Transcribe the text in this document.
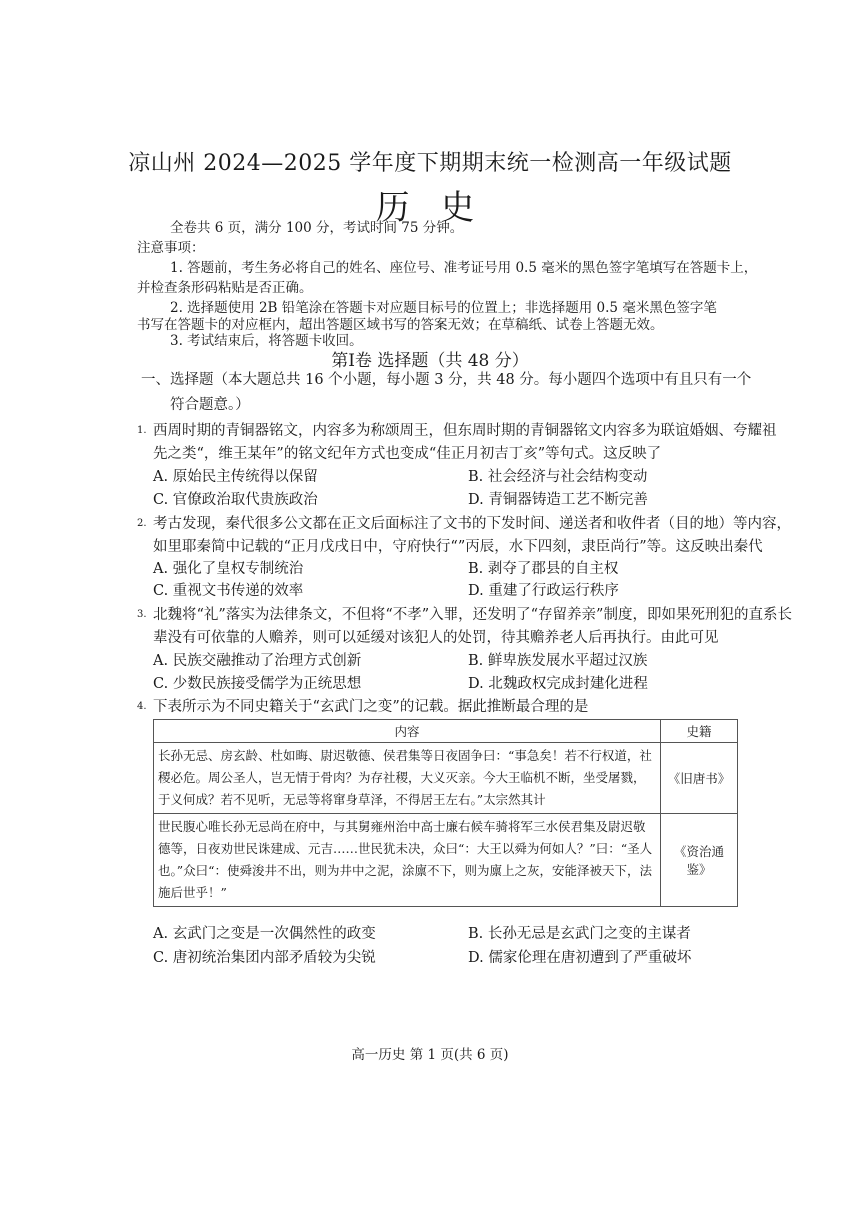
凉山州 2024—2025 学年度下期期末统一检测高一年级试题
历 史
全卷共 6 页，满分 100 分，考试时间 75 分钟。
注意事项：
1. 答题前，考生务必将自己的姓名、座位号、准考证号用 0.5 毫米的黑色签字笔填写在答题卡上，
并检查条形码粘贴是否正确。
2. 选择题使用 2B 铅笔涂在答题卡对应题目标号的位置上；非选择题用 0.5 毫米黑色签字笔
书写在答题卡的对应框内，超出答题区域书写的答案无效；在草稿纸、试卷上答题无效。
3. 考试结束后，将答题卡收回。
第Ⅰ卷 选择题（共 48 分）
一、选择题（本大题总共 16 个小题，每小题 3 分，共 48 分。每小题四个选项中有且只有一个
符合题意。）
1. 西周时期的青铜器铭文，内容多为称颂周王，但东周时期的青铜器铭文内容多为联谊婚姻、夸耀祖
先之类“，维王某年”的铭文纪年方式也变成“佳正月初吉丁亥”等句式。这反映了
A. 原始民主传统得以保留	B. 社会经济与社会结构变动
C. 官僚政治取代贵族政治	D. 青铜器铸造工艺不断完善
2. 考古发现，秦代很多公文都在正文后面标注了文书的下发时间、递送者和收件者（目的地）等内容，
如里耶秦简中记载的“正月戊戌日中，守府快行“”丙辰，水下四刻，隶臣尚行”等。这反映出秦代
A. 强化了皇权专制统治	B. 剥夺了郡县的自主权
C. 重视文书传递的效率	D. 重建了行政运行秩序
3. 北魏将“礼”落实为法律条文，不但将“不孝”入罪，还发明了“存留养亲”制度，即如果死刑犯的直系长
辈没有可依靠的人赡养，则可以延缓对该犯人的处罚，待其赡养老人后再执行。由此可见
A. 民族交融推动了治理方式创新	B. 鲜卑族发展水平超过汉族
C. 少数民族接受儒学为正统思想	D. 北魏政权完成封建化进程
4. 下表所示为不同史籍关于“玄武门之变”的记载。据此推断最合理的是
内容	史籍
长孙无忌、房玄龄、杜如晦、尉迟敬德、侯君集等日夜固争曰：“事急矣！若不行权道，社稷必危。周公圣人，岂无情于骨肉？为存社稷，大义灭亲。今大王临机不断，坐受屠戮，于义何成？若不见听，无忌等将窜身草泽，不得居王左右。”太宗然其计	《旧唐书》
世民腹心唯长孙无忌尚在府中，与其舅雍州治中高士廉右候车骑将军三水侯君集及尉迟敬德等，日夜劝世民诛建成、元吉……世民犹未决，众曰“：大王以舜为何如人？”曰：“圣人也。”众曰“：使舜浚井不出，则为井中之泥，涂廪不下，则为廪上之灰，安能泽被天下，法施后世乎！”	《资治通鉴》
A. 玄武门之变是一次偶然性的政变	B. 长孙无忌是玄武门之变的主谋者
C. 唐初统治集团内部矛盾较为尖锐	D. 儒家伦理在唐初遭到了严重破坏
高一历史 第 1 页(共 6 页)
